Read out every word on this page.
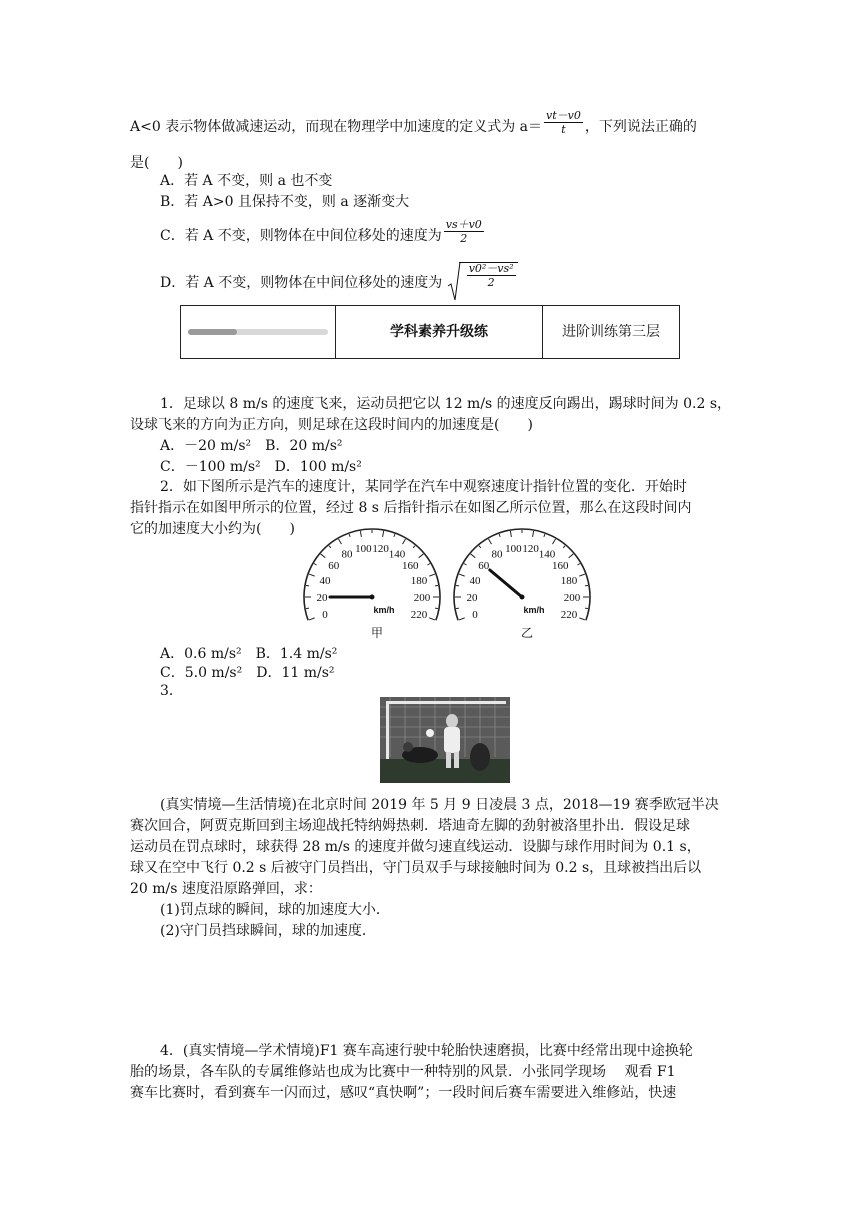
A<0 表示物体做减速运动，而现在物理学中加速度的定义式为 $a= \frac{vt-v0}{t}$ ，下列说法正确的
是(　　)
A．若 A 不变，则 a 也不变
B．若 A>0 且保持不变，则 a 逐渐变大
C．若 A 不变，则物体在中间位移处的速度为 $\frac{vs+v0}{2}$
D．若 A 不变，则物体在中间位移处的速度为 $\frac{\text{v0²－vs²}}{2}$
学科素养升级练	进阶训练第三层
1．足球以 8 m/s 的速度飞来，运动员把它以 12 m/s 的速度反向踢出，踢球时间为 0.2 s，
设球飞来的方向为正方向，则足球在这段时间内的加速度是(　　)
A．－20 m/s²　B．20 m/s²
C．－100 m/s²　D．100 m/s²
2．如下图所示是汽车的速度计，某同学在汽车中观察速度计指针位置的变化．开始时
指针指示在如图甲所示的位置，经过 8 s 后指针指示在如图乙所示位置，那么在这段时间内
它的加速度大小约为(　　)
0
20
40
60
80 100 120 140
160
180
200
220
km/h
甲
0
20
40
60
80 100 120 140
160
180
200
220
km/h
乙
A．0.6 m/s²　B．1.4 m/s²
C．5.0 m/s²　D．11 m/s²
3．
(真实情境—生活情境)在北京时间 2019 年 5 月 9 日凌晨 3 点，2018—19 赛季欧冠半决
赛次回合，阿贾克斯回到主场迎战托特纳姆热刺．塔迪奇左脚的劲射被洛里扑出．假设足球
运动员在罚点球时，球获得 28 m/s 的速度并做匀速直线运动．设脚与球作用时间为 0.1 s，
球又在空中飞行 0.2 s 后被守门员挡出，守门员双手与球接触时间为 0.2 s，且球被挡出后以
20 m/s 速度沿原路弹回，求：
(1)罚点球的瞬间，球的加速度大小．
(2)守门员挡球瞬间，球的加速度．
4．(真实情境—学术情境)F1 赛车高速行驶中轮胎快速磨损，比赛中经常出现中途换轮
胎的场景，各车队的专属维修站也成为比赛中一种特别的风景．小张同学现场　 观看 F1
赛车比赛时，看到赛车一闪而过，感叹“真快啊”；一段时间后赛车需要进入维修站，快速
